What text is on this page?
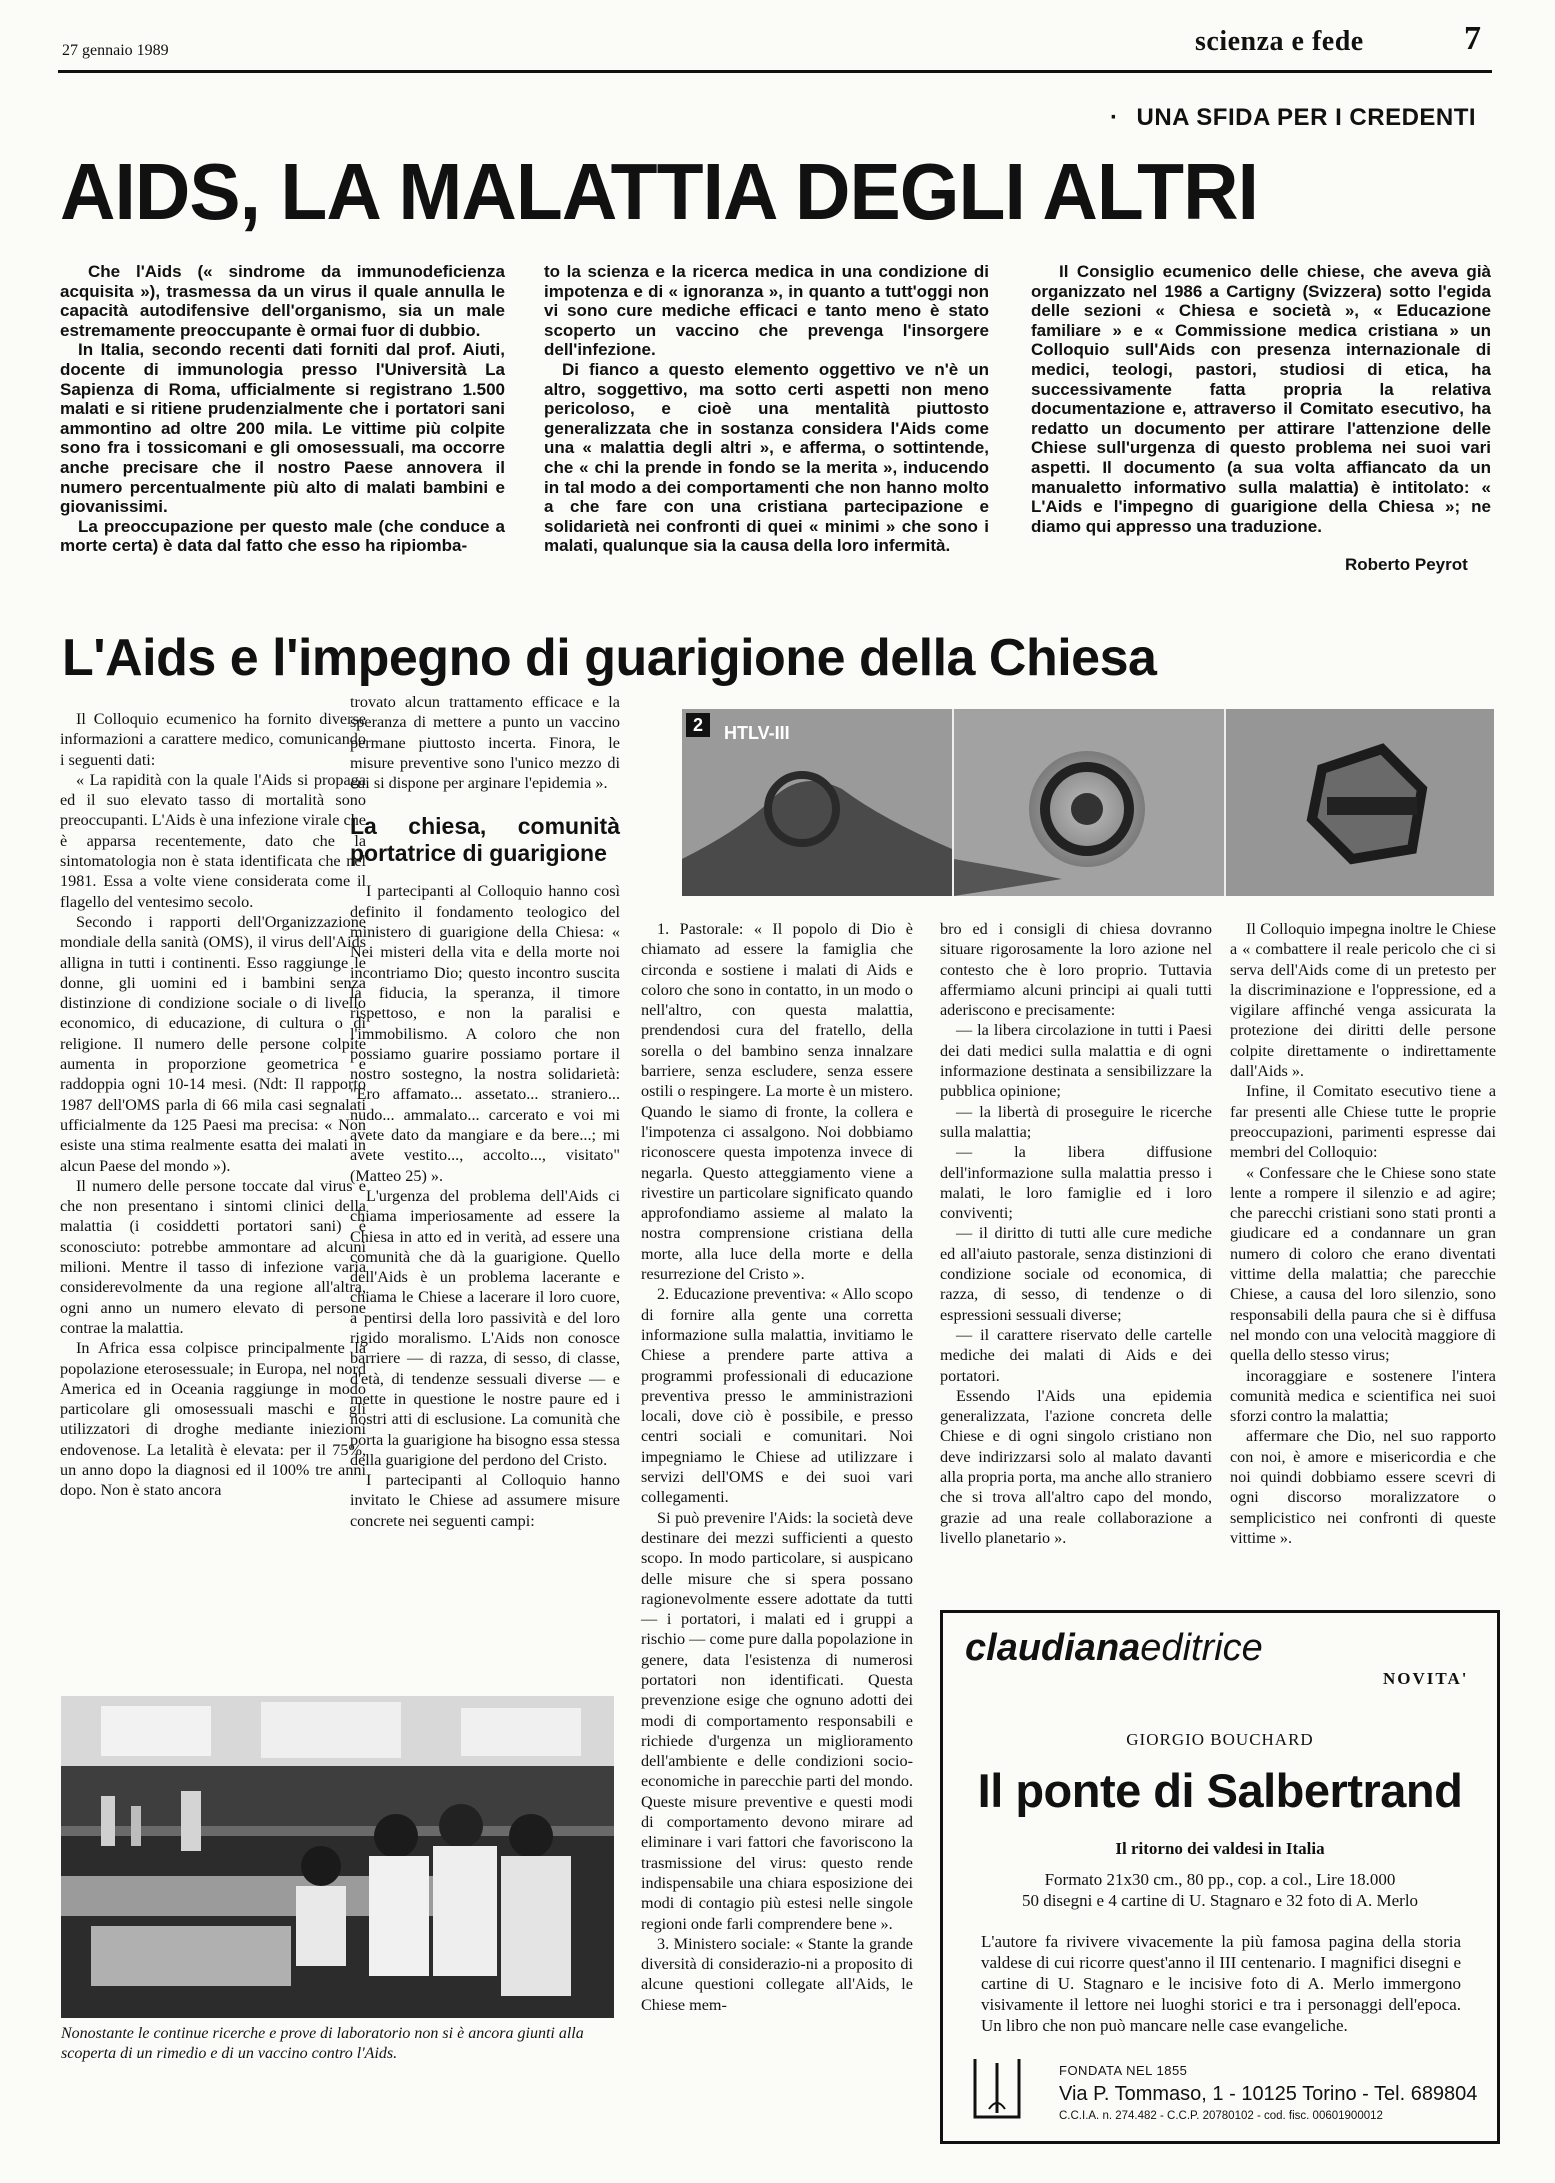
27 gennaio 1989	scienza e fede	7
· UNA SFIDA PER I CREDENTI
AIDS, LA MALATTIA DEGLI ALTRI

Che l'Aids (« sindrome da immunodeficienza acquisita »), trasmessa da un virus il quale annulla le capacità autodifensive dell'organismo, sia un male estremamente preoccupante è ormai fuor di dubbio.

In Italia, secondo recenti dati forniti dal prof. Aiuti, docente di immunologia presso l'Università La Sapienza di Roma, ufficialmente si registrano 1.500 malati e si ritiene prudenzialmente che i portatori sani ammontino ad oltre 200 mila. Le vittime più colpite sono fra i tossicomani e gli omosessuali, ma occorre anche precisare che il nostro Paese annovera il numero percentualmente più alto di malati bambini e giovanissimi.

La preoccupazione per questo male (che conduce a morte certa) è data dal fatto che esso ha ripiomba-

to la scienza e la ricerca medica in una condizione di impotenza e di « ignoranza », in quanto a tutt'oggi non vi sono cure mediche efficaci e tanto meno è stato scoperto un vaccino che prevenga l'insorgere dell'infezione.

Di fianco a questo elemento oggettivo ve n'è un altro, soggettivo, ma sotto certi aspetti non meno pericoloso, e cioè una mentalità piuttosto generalizzata che in sostanza considera l'Aids come una « malattia degli altri », e afferma, o sottintende, che « chi la prende in fondo se la merita », inducendo in tal modo a dei comportamenti che non hanno molto a che fare con una cristiana partecipazione e solidarietà nei confronti di quei « minimi » che sono i malati, qualunque sia la causa della loro infermità.

Il Consiglio ecumenico delle chiese, che aveva già organizzato nel 1986 a Cartigny (Svizzera) sotto l'egida delle sezioni « Chiesa e società », « Educazione familiare » e « Commissione medica cristiana » un Colloquio sull'Aids con presenza internazionale di medici, teologi, pastori, studiosi di etica, ha successivamente fatta propria la relativa documentazione e, attraverso il Comitato esecutivo, ha redatto un documento per attirare l'attenzione delle Chiese sull'urgenza di questo problema nei suoi vari aspetti. Il documento (a sua volta affiancato da un manualetto informativo sulla malattia) è intitolato: « L'Aids e l'impegno di guarigione della Chiesa »; ne diamo qui appresso una traduzione.

Roberto Peyrot
L'Aids e l'impegno di guarigione della Chiesa

Il Colloquio ecumenico ha fornito diverse informazioni a carattere medico, comunicando i seguenti dati:

« La rapidità con la quale l'Aids si propaga ed il suo elevato tasso di mortalità sono preoccupanti. L'Aids è una infezione virale che è apparsa recentemente, dato che la sintomatologia non è stata identificata che nel 1981. Essa a volte viene considerata come il flagello del ventesimo secolo.

Secondo i rapporti dell'Organizzazione mondiale della sanità (OMS), il virus dell'Aids alligna in tutti i continenti. Esso raggiunge le donne, gli uomini ed i bambini senza distinzione di condizione sociale o di livello economico, di educazione, di cultura o di religione. Il numero delle persone colpite aumenta in proporzione geometrica e raddoppia ogni 10-14 mesi. (Ndt: Il rapporto 1987 dell'OMS parla di 66 mila casi segnalati ufficialmente da 125 Paesi ma precisa: « Non esiste una stima realmente esatta dei malati in alcun Paese del mondo »).

Il numero delle persone toccate dal virus e che non presentano i sintomi clinici della malattia (i cosiddetti portatori sani) è sconosciuto: potrebbe ammontare ad alcuni milioni. Mentre il tasso di infezione varia considerevolmente da una regione all'altra, ogni anno un numero elevato di persone contrae la malattia.

In Africa essa colpisce principalmente la popolazione eterosessuale; in Europa, nel nord America ed in Oceania raggiunge in modo particolare gli omosessuali maschi e gli utilizzatori di droghe mediante iniezioni endovenose. La letalità è elevata: per il 75%, un anno dopo la diagnosi ed il 100% tre anni dopo. Non è stato ancora

trovato alcun trattamento efficace e la speranza di mettere a punto un vaccino permane piuttosto incerta. Finora, le misure preventive sono l'unico mezzo di cui si dispone per arginare l'epidemia ».

La chiesa, comunità portatrice di guarigione

I partecipanti al Colloquio hanno così definito il fondamento teologico del ministero di guarigione della Chiesa: « Nei misteri della vita e della morte noi incontriamo Dio; questo incontro suscita la fiducia, la speranza, il timore rispettoso, e non la paralisi e l'immobilismo. A coloro che non possiamo guarire possiamo portare il nostro sostegno, la nostra solidarietà: "Ero affamato... assetato... straniero... nudo... ammalato... carcerato e voi mi avete dato da mangiare e da bere...; mi avete vestito..., accolto..., visitato" (Matteo 25) ».

L'urgenza del problema dell'Aids ci chiama imperiosamente ad essere la Chiesa in atto ed in verità, ad essere una comunità che dà la guarigione. Quello dell'Aids è un problema lacerante e chiama le Chiese a lacerare il loro cuore, a pentirsi della loro passività e del loro rigido moralismo. L'Aids non conosce barriere — di razza, di sesso, di classe, d'età, di tendenze sessuali diverse — e mette in questione le nostre paure ed i nostri atti di esclusione. La comunità che porta la guarigione ha bisogno essa stessa della guarigione del perdono del Cristo.

I partecipanti al Colloquio hanno invitato le Chiese ad assumere misure concrete nei seguenti campi:

2	HTLV-III

1. Pastorale: « Il popolo di Dio è chiamato ad essere la famiglia che circonda e sostiene i malati di Aids e coloro che sono in contatto, in un modo o nell'altro, con questa malattia, prendendosi cura del fratello, della sorella o del bambino senza innalzare barriere, senza escludere, senza essere ostili o respingere. La morte è un mistero. Quando le siamo di fronte, la collera e l'impotenza ci assalgono. Noi dobbiamo riconoscere questa impotenza invece di negarla. Questo atteggiamento viene a rivestire un particolare significato quando approfondiamo assieme al malato la nostra comprensione cristiana della morte, alla luce della morte e della resurrezione del Cristo ».

2. Educazione preventiva: « Allo scopo di fornire alla gente una corretta informazione sulla malattia, invitiamo le Chiese a prendere parte attiva a programmi professionali di educazione preventiva presso le amministrazioni locali, dove ciò è possibile, e presso centri sociali e comunitari. Noi impegniamo le Chiese ad utilizzare i servizi dell'OMS e dei suoi vari collegamenti.

Si può prevenire l'Aids: la società deve destinare dei mezzi sufficienti a questo scopo. In modo particolare, si auspicano delle misure che si spera possano ragionevolmente essere adottate da tutti — i portatori, i malati ed i gruppi a rischio — come pure dalla popolazione in genere, data l'esistenza di numerosi portatori non identificati. Questa prevenzione esige che ognuno adotti dei modi di comportamento responsabili e richiede d'urgenza un miglioramento dell'ambiente e delle condizioni socio-economiche in parecchie parti del mondo. Queste misure preventive e questi modi di comportamento devono mirare ad eliminare i vari fattori che favoriscono la trasmissione del virus: questo rende indispensabile una chiara esposizione dei modi di contagio più estesi nelle singole regioni onde farli comprendere bene ».

3. Ministero sociale: « Stante la grande diversità di considerazio-ni a proposito di alcune questioni collegate all'Aids, le Chiese mem-

bro ed i consigli di chiesa dovranno situare rigorosamente la loro azione nel contesto che è loro proprio. Tuttavia affermiamo alcuni principi ai quali tutti aderiscono e precisamente:

— la libera circolazione in tutti i Paesi dei dati medici sulla malattia e di ogni informazione destinata a sensibilizzare la pubblica opinione;

— la libertà di proseguire le ricerche sulla malattia;

— la libera diffusione dell'informazione sulla malattia presso i malati, le loro famiglie ed i loro conviventi;

— il diritto di tutti alle cure mediche ed all'aiuto pastorale, senza distinzioni di condizione sociale od economica, di razza, di sesso, di tendenze o di espressioni sessuali diverse;

— il carattere riservato delle cartelle mediche dei malati di Aids e dei portatori.

Essendo l'Aids una epidemia generalizzata, l'azione concreta delle Chiese e di ogni singolo cristiano non deve indirizzarsi solo al malato davanti alla propria porta, ma anche allo straniero che si trova all'altro capo del mondo, grazie ad una reale collaborazione a livello planetario ».

Il Colloquio impegna inoltre le Chiese a « combattere il reale pericolo che ci si serva dell'Aids come di un pretesto per la discriminazione e l'oppressione, ed a vigilare affinché venga assicurata la protezione dei diritti delle persone colpite direttamente o indirettamente dall'Aids ».

Infine, il Comitato esecutivo tiene a far presenti alle Chiese tutte le proprie preoccupazioni, parimenti espresse dai membri del Colloquio:

« Confessare che le Chiese sono state lente a rompere il silenzio e ad agire; che parecchi cristiani sono stati pronti a giudicare ed a condannare un gran numero di coloro che erano diventati vittime della malattia; che parecchie Chiese, a causa del loro silenzio, sono responsabili della paura che si è diffusa nel mondo con una velocità maggiore di quella dello stesso virus;

incoraggiare e sostenere l'intera comunità medica e scientifica nei suoi sforzi contro la malattia;

affermare che Dio, nel suo rapporto con noi, è amore e misericordia e che noi quindi dobbiamo essere scevri di ogni discorso moralizzatore o semplicistico nei confronti di queste vittime ».

Nonostante le continue ricerche e prove di laboratorio non si è ancora giunti alla scoperta di un rimedio e di un vaccino contro l'Aids.
claudianaeditrice
NOVITA'
GIORGIO BOUCHARD
Il ponte di Salbertrand
Il ritorno dei valdesi in Italia
Formato 21x30 cm., 80 pp., cop. a col., Lire 18.000
50 disegni e 4 cartine di U. Stagnaro e 32 foto di A. Merlo
L'autore fa rivivere vivacemente la più famosa pagina della storia valdese di cui ricorre quest'anno il III centenario. I magnifici disegni e cartine di U. Stagnaro e le incisive foto di A. Merlo immergono visivamente il lettore nei luoghi storici e tra i personaggi dell'epoca. Un libro che non può mancare nelle case evangeliche.
FONDATA NEL 1855
Via P. Tommaso, 1 - 10125 Torino - Tel. 689804
C.C.I.A. n. 274.482 - C.C.P. 20780102 - cod. fisc. 00601900012
